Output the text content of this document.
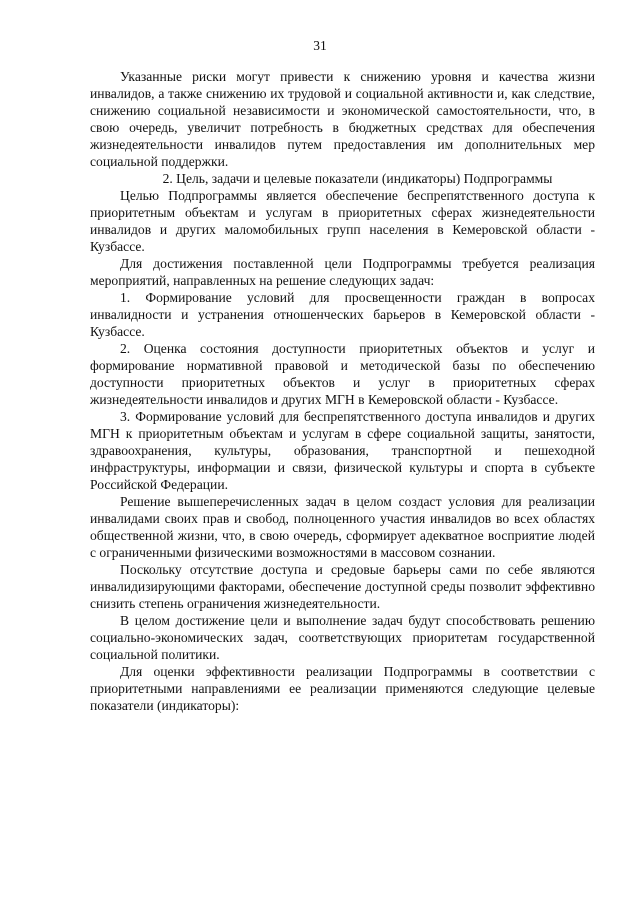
31

Указанные риски могут привести к снижению уровня и качества жизни инвалидов, а также снижению их трудовой и социальной активности и, как следствие, снижению социальной независимости и экономической самостоятельности, что, в свою очередь, увеличит потребность в бюджетных средствах для обеспечения жизнедеятельности инвалидов путем предоставления им дополнительных мер социальной поддержки.

2. Цель, задачи и целевые показатели (индикаторы) Подпрограммы

Целью Подпрограммы является обеспечение беспрепятственного доступа к приоритетным объектам и услугам в приоритетных сферах жизнедеятельности инвалидов и других маломобильных групп населения в Кемеровской области - Кузбассе.

Для достижения поставленной цели Подпрограммы требуется реализация мероприятий, направленных на решение следующих задач:

1. Формирование условий для просвещенности граждан в вопросах инвалидности и устранения отношенческих барьеров в Кемеровской области - Кузбассе.

2. Оценка состояния доступности приоритетных объектов и услуг и формирование нормативной правовой и методической базы по обеспечению доступности приоритетных объектов и услуг в приоритетных сферах жизнедеятельности инвалидов и других МГН в Кемеровской области - Кузбассе.

3. Формирование условий для беспрепятственного доступа инвалидов и других МГН к приоритетным объектам и услугам в сфере социальной защиты, занятости, здравоохранения, культуры, образования, транспортной и пешеходной инфраструктуры, информации и связи, физической культуры и спорта в субъекте Российской Федерации.

Решение вышеперечисленных задач в целом создаст условия для реализации инвалидами своих прав и свобод, полноценного участия инвалидов во всех областях общественной жизни, что, в свою очередь, сформирует адекватное восприятие людей с ограниченными физическими возможностями в массовом сознании.

Поскольку отсутствие доступа и средовые барьеры сами по себе являются инвалидизирующими факторами, обеспечение доступной среды позволит эффективно снизить степень ограничения жизнедеятельности.

В целом достижение цели и выполнение задач будут способствовать решению социально-экономических задач, соответствующих приоритетам государственной социальной политики.

Для оценки эффективности реализации Подпрограммы в соответствии с приоритетными направлениями ее реализации применяются следующие целевые показатели (индикаторы):
